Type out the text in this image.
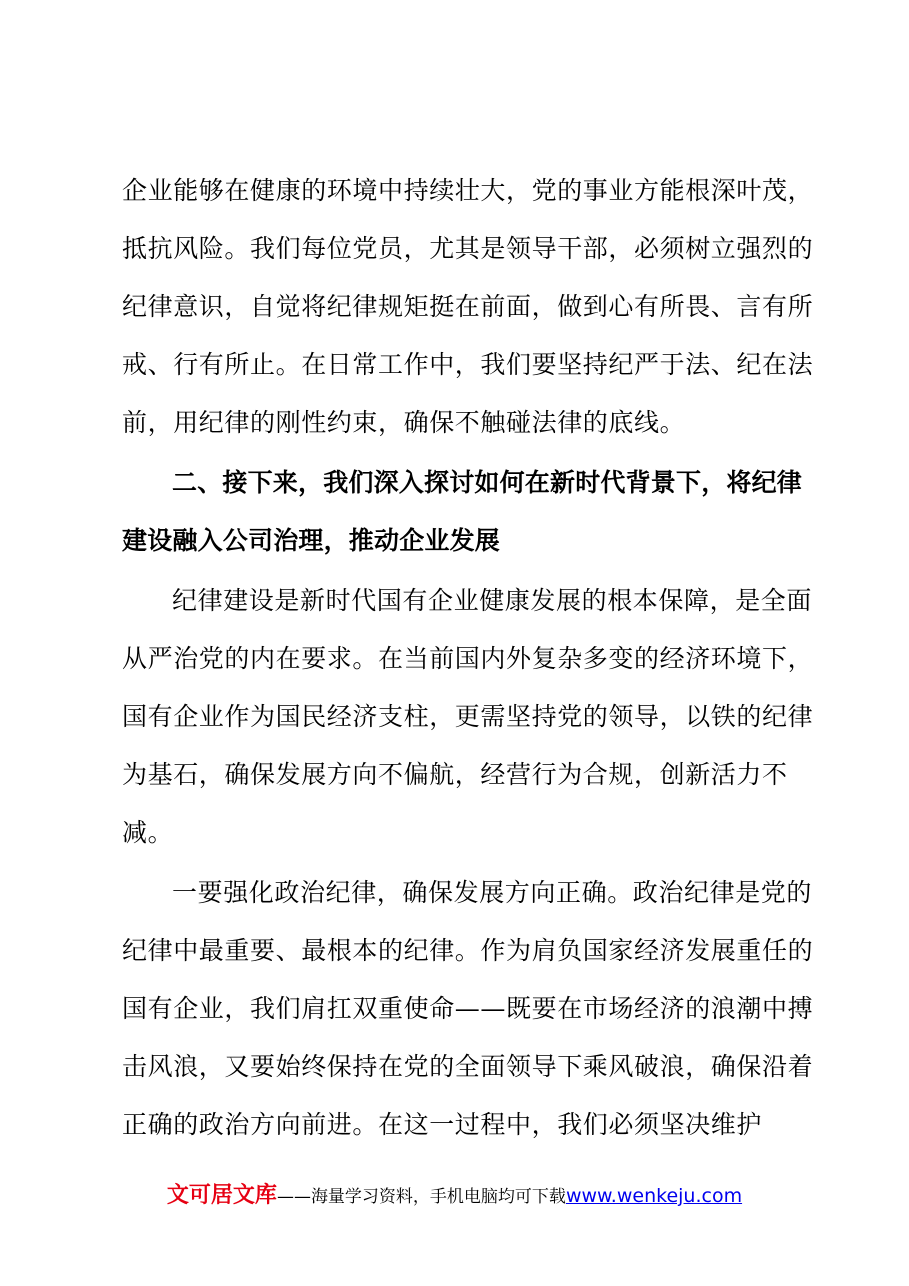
企业能够在健康的环境中持续壮大，党的事业方能根深叶茂，
抵抗风险。我们每位党员，尤其是领导干部，必须树立强烈的
纪律意识，自觉将纪律规矩挺在前面，做到心有所畏、言有所
戒、行有所止。在日常工作中，我们要坚持纪严于法、纪在法
前，用纪律的刚性约束，确保不触碰法律的底线。
二、接下来，我们深入探讨如何在新时代背景下，将纪律
建设融入公司治理，推动企业发展
纪律建设是新时代国有企业健康发展的根本保障，是全面
从严治党的内在要求。在当前国内外复杂多变的经济环境下，
国有企业作为国民经济支柱，更需坚持党的领导，以铁的纪律
为基石，确保发展方向不偏航，经营行为合规，创新活力不
减。
一要强化政治纪律，确保发展方向正确。政治纪律是党的
纪律中最重要、最根本的纪律。作为肩负国家经济发展重任的
国有企业，我们肩扛双重使命——既要在市场经济的浪潮中搏
击风浪，又要始终保持在党的全面领导下乘风破浪，确保沿着
正确的政治方向前进。在这一过程中，我们必须坚决维护
文可居文库——海量学习资料，手机电脑均可下载www.wenkeju.com
